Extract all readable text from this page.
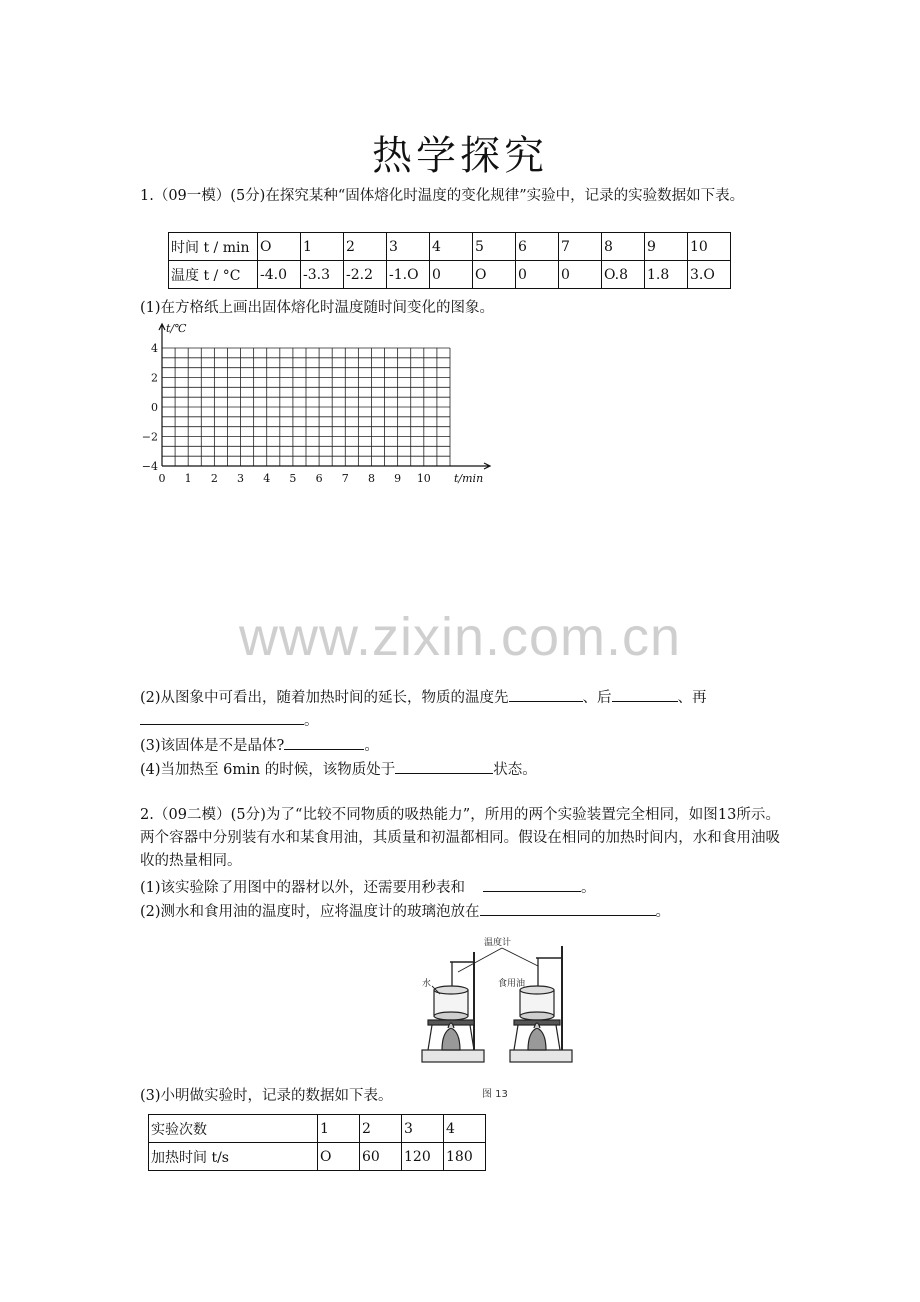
热学探究
1.（09一模）(5分)在探究某种“固体熔化时温度的变化规律”实验中，记录的实验数据如下表。
时间 t / min	O	1	2	3	4	5	6	7	8	9	10
温度 t / °C	-4.0	-3.3	-2.2	-1.O	0	O	0	0	O.8	1.8	3.O
(1)在方格纸上画出固体熔化时温度随时间变化的图象。
4
2
0
−2
−4
0 1 2 3 4 5 6 7 8 9 10
t/℃
t/min
www.zixin.com.cn
(2)从图象中可看出，随着加热时间的延长，物质的温度先	、后	、再
。
(3)该固体是不是晶体?	。
(4)当加热至 6min 的时候，该物质处于	状态。
2.（09二模）(5分)为了“比较不同物质的吸热能力”，所用的两个实验装置完全相同，如图13所示。两个容器中分别装有水和某食用油，其质量和初温都相同。假设在相同的加热时间内，水和食用油吸收的热量相同。
(1)该实验除了用图中的器材以外，还需要用秒表和	。
(2)测水和食用油的温度时，应将温度计的玻璃泡放在	。
温度计
水	食用油
图 13
(3)小明做实验时，记录的数据如下表。
实验次数	1	2	3	4
加热时间 t/s	O	60	120	180
